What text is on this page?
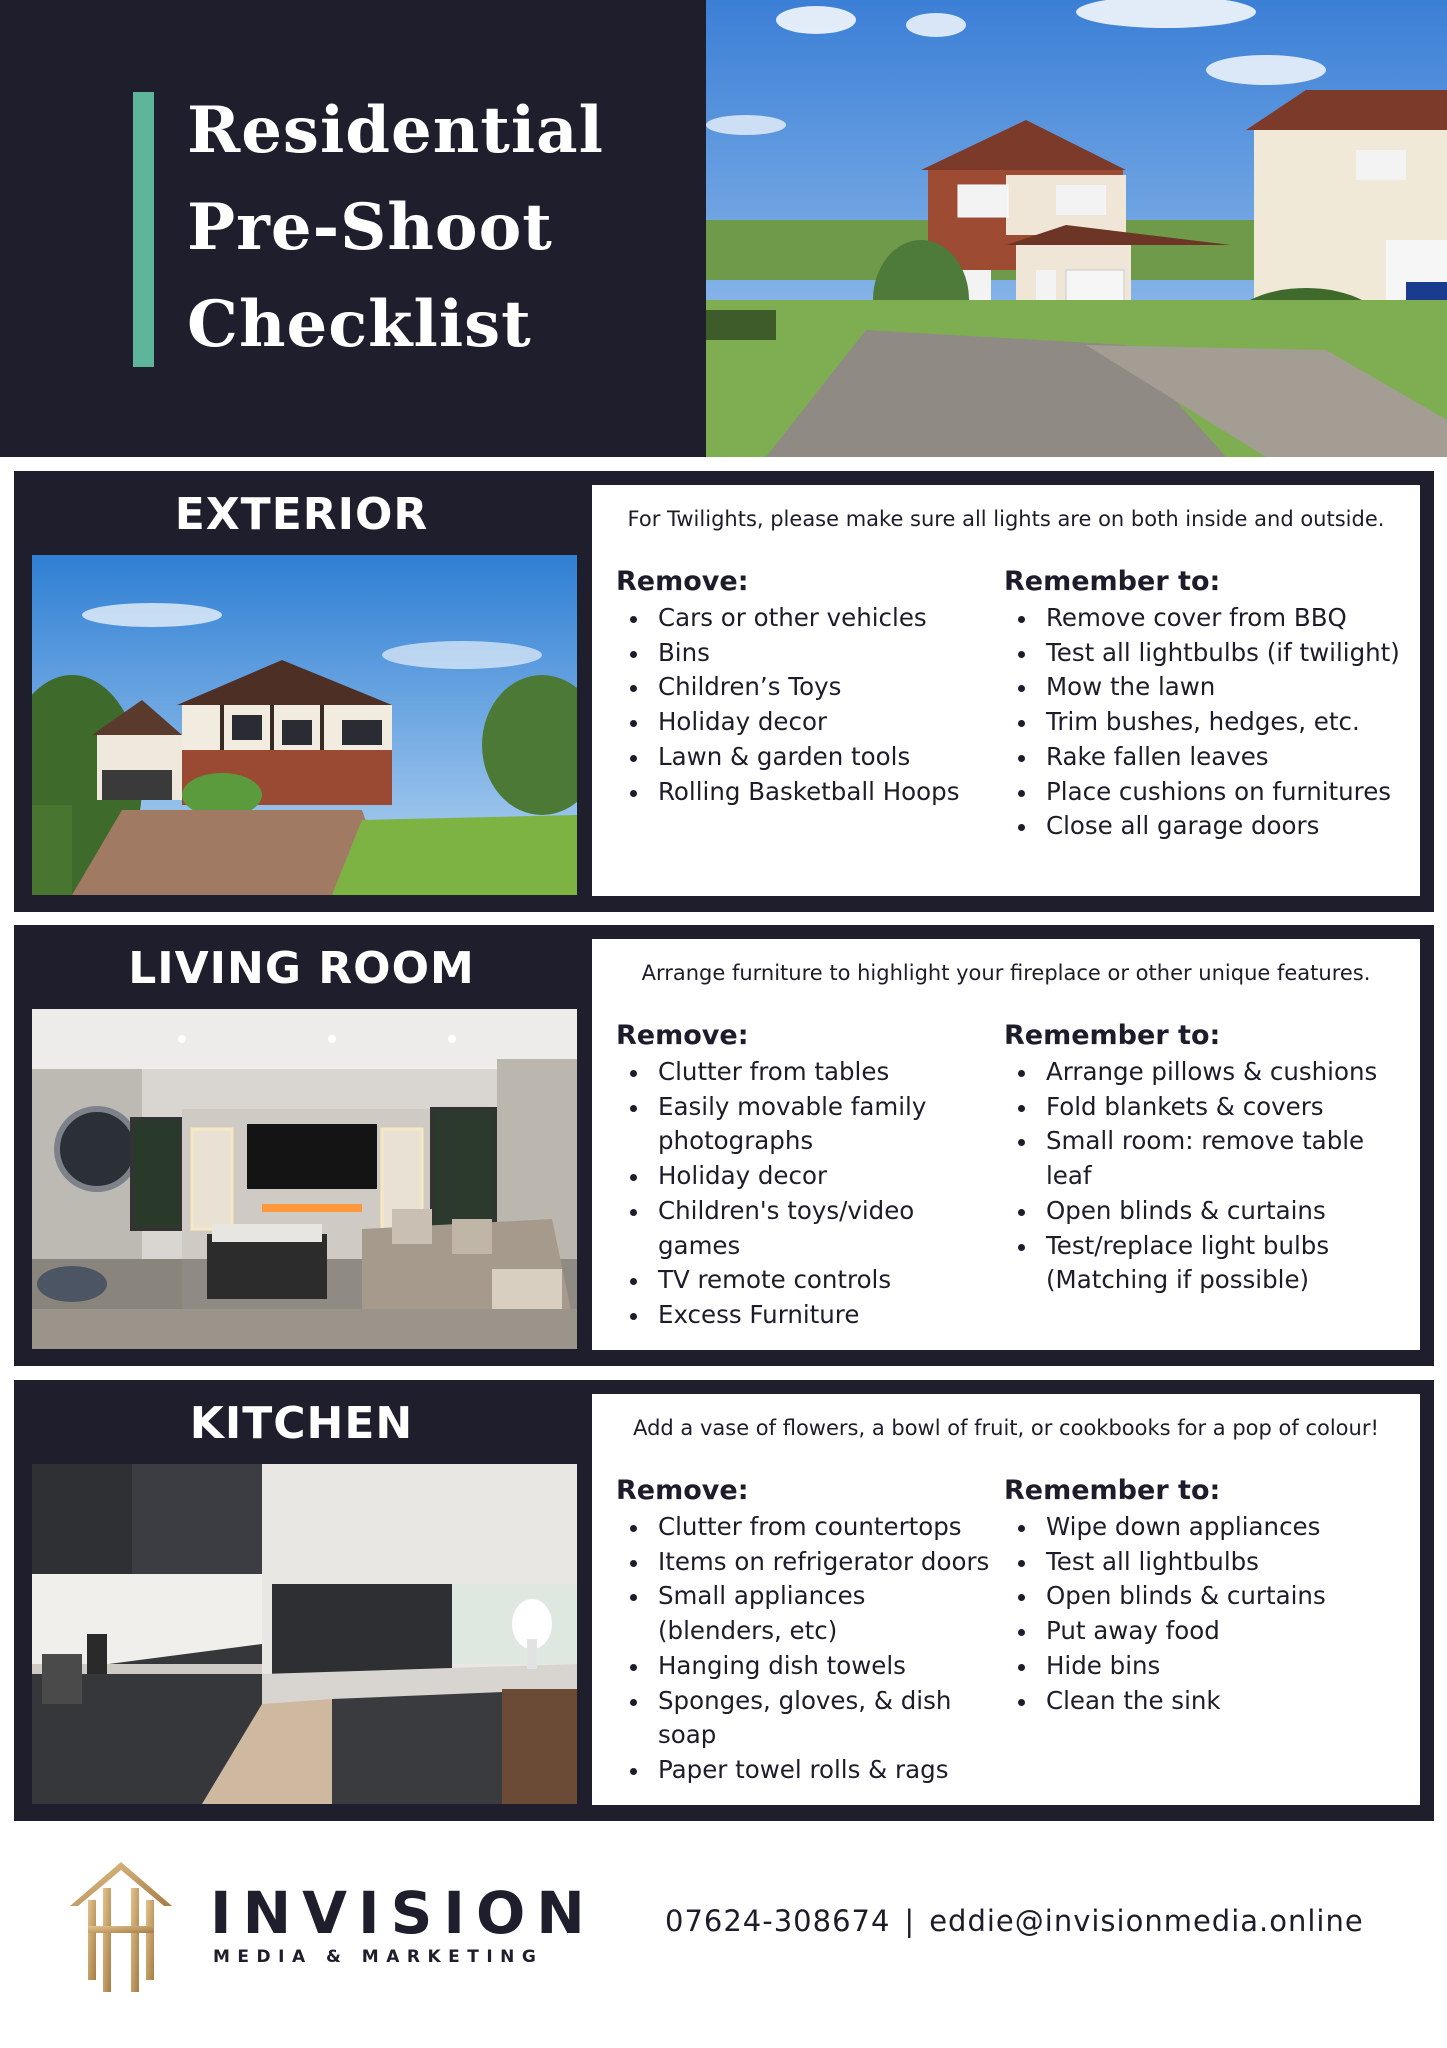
Residential
Pre-Shoot
Checklist
EXTERIOR	For Twilights, please make sure all lights are on both inside and outside.
Remove:
Cars or other vehicles
Bins
Children’s Toys
Holiday decor
Lawn & garden tools
Rolling Basketball Hoops
Remember to:
Remove cover from BBQ
Test all lightbulbs (if twilight)
Mow the lawn
Trim bushes, hedges, etc.
Rake fallen leaves
Place cushions on furnitures
Close all garage doors
LIVING ROOM	Arrange furniture to highlight your fireplace or other unique features.
Remove:
Clutter from tables
Easily movable family photographs
Holiday decor
Children's toys/video games
TV remote controls
Excess Furniture
Remember to:
Arrange pillows & cushions
Fold blankets & covers
Small room: remove table leaf
Open blinds & curtains
Test/replace light bulbs (Matching if possible)
KITCHEN	Add a vase of flowers, a bowl of fruit, or cookbooks for a pop of colour!
Remove:
Clutter from countertops
Items on refrigerator doors
Small appliances (blenders, etc)
Hanging dish towels
Sponges, gloves, & dish soap
Paper towel rolls & rags
Remember to:
Wipe down appliances
Test all lightbulbs
Open blinds & curtains
Put away food
Hide bins
Clean the sink
INVISION
MEDIA & MARKETING
07624-308674 | eddie@invisionmedia.online
